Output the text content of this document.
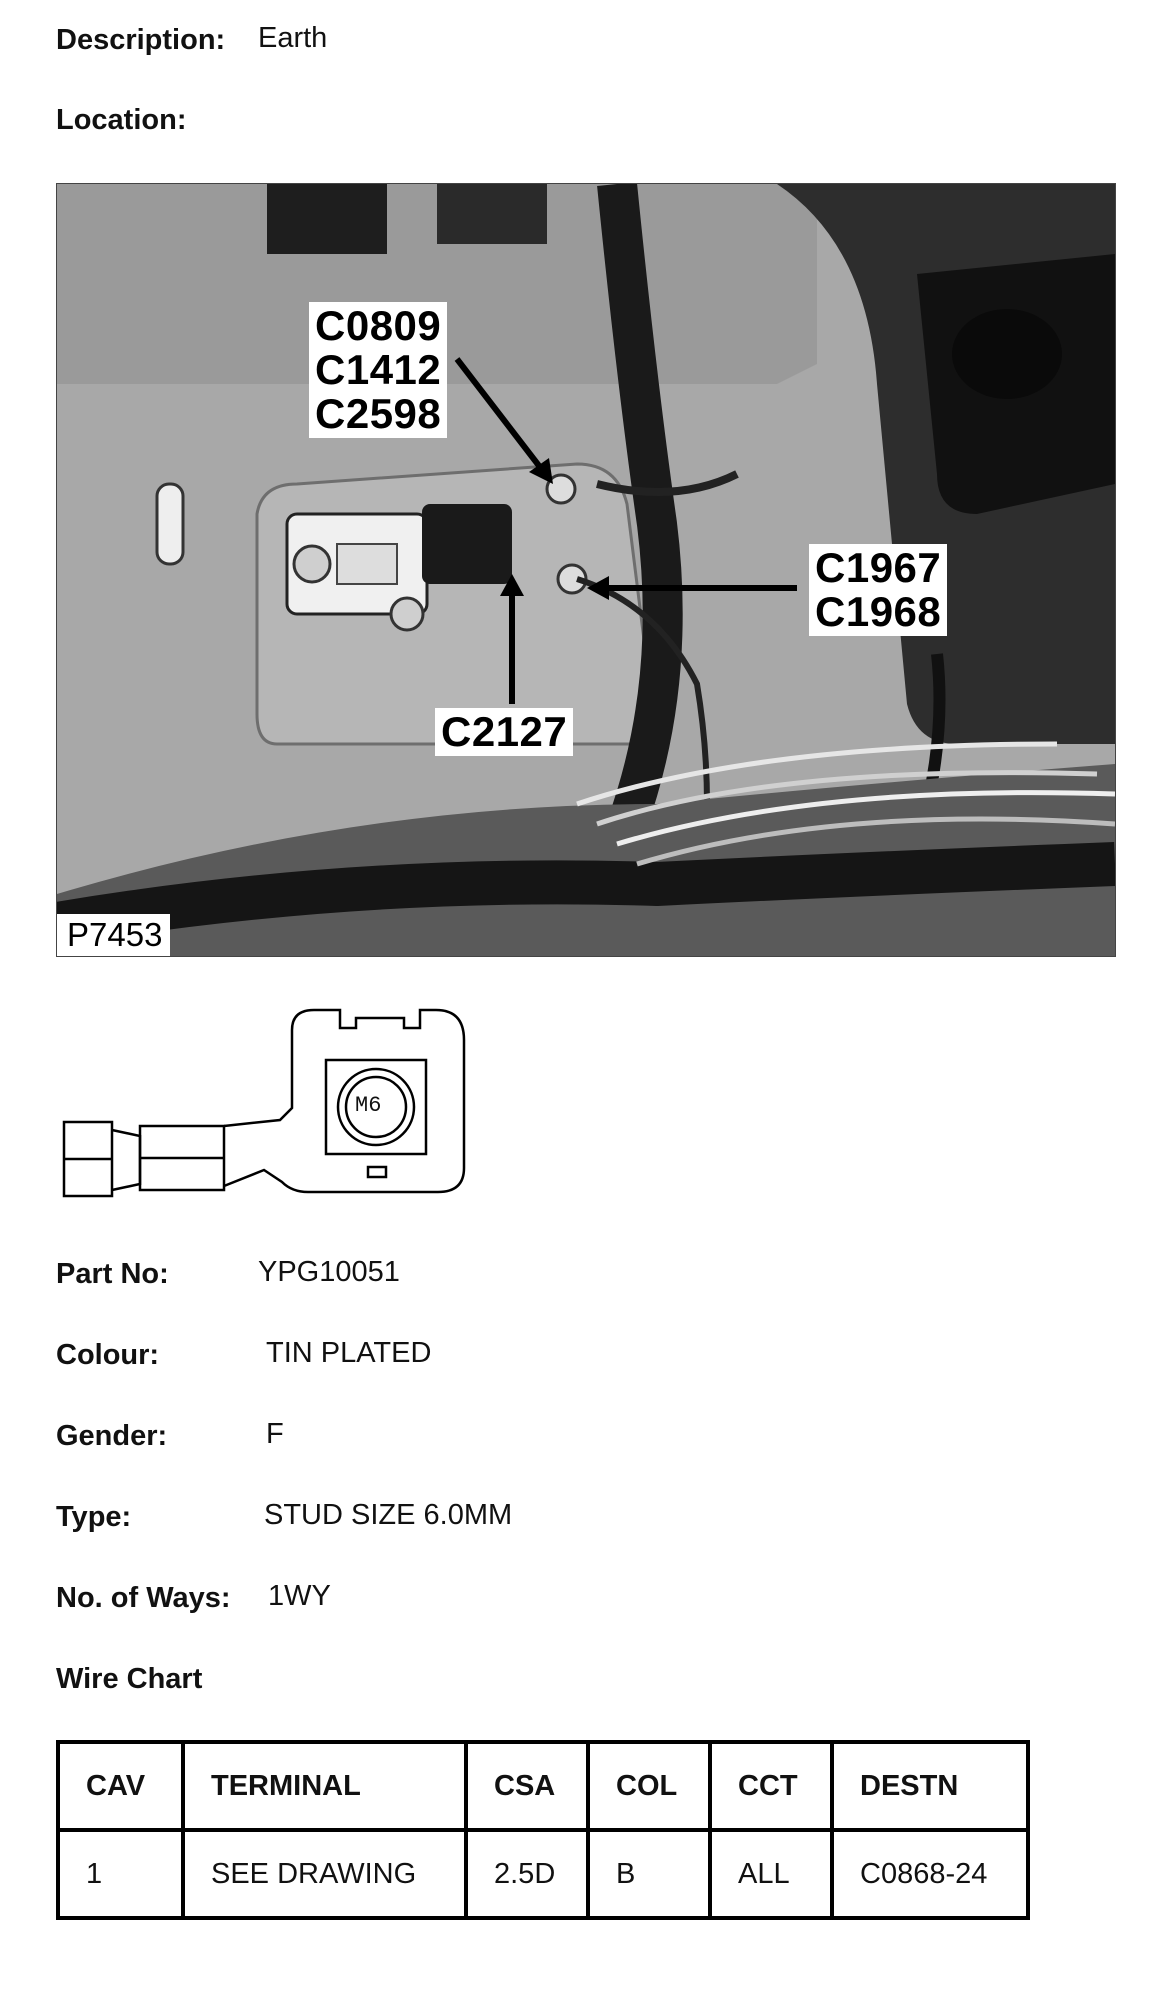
Description: Earth
Location:
C0809
C1412
C2598
C1967
C1968
C2127
P7453
M6
Part No:	YPG10051
Colour:	TIN PLATED
Gender:	F
Type:	STUD SIZE 6.0MM
No. of Ways: 1WY
Wire Chart
CAV	TERMINAL	CSA	COL	CCT	DESTN
1	SEE DRAWING	2.5D	B	ALL	C0868-24
